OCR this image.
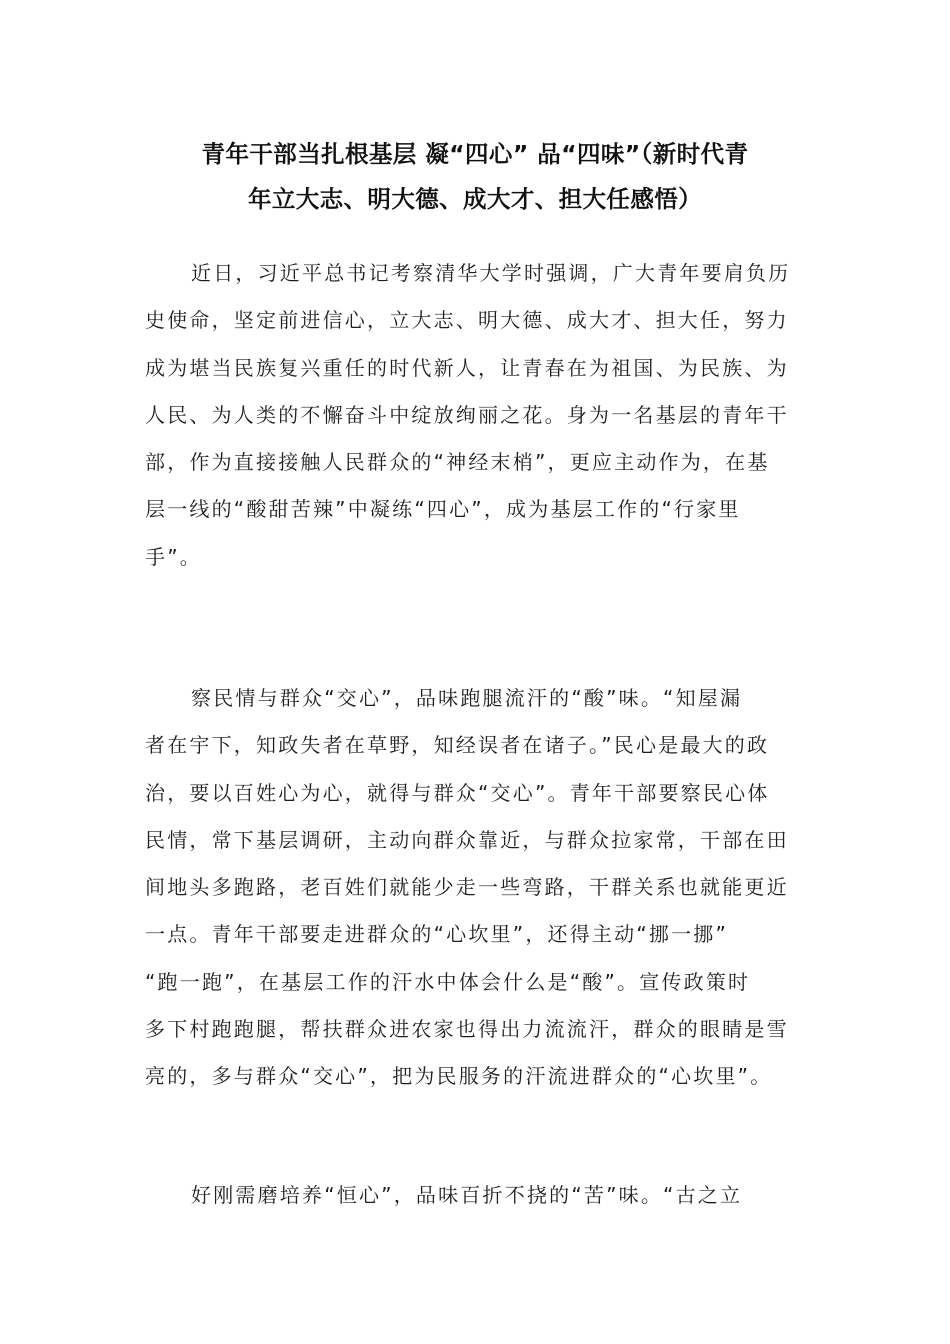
青年干部当扎根基层 凝“四心” 品“四味”（新时代青
年立大志、明大德、成大才、担大任感悟）
近日，习近平总书记考察清华大学时强调，广大青年要肩负历
史使命，坚定前进信心，立大志、明大德、成大才、担大任，努力
成为堪当民族复兴重任的时代新人，让青春在为祖国、为民族、为
人民、为人类的不懈奋斗中绽放绚丽之花。身为一名基层的青年干
部，作为直接接触人民群众的“神经末梢”，更应主动作为，在基
层一线的“酸甜苦辣”中凝练“四心”，成为基层工作的“行家里
手”。
察民情与群众“交心”，品味跑腿流汗的“酸”味。“知屋漏
者在宇下，知政失者在草野，知经误者在诸子。”民心是最大的政
治，要以百姓心为心，就得与群众“交心”。青年干部要察民心体
民情，常下基层调研，主动向群众靠近，与群众拉家常，干部在田
间地头多跑路，老百姓们就能少走一些弯路，干群关系也就能更近
一点。青年干部要走进群众的“心坎里”，还得主动“挪一挪”
“跑一跑”，在基层工作的汗水中体会什么是“酸”。宣传政策时
多下村跑跑腿，帮扶群众进农家也得出力流流汗，群众的眼睛是雪
亮的，多与群众“交心”，把为民服务的汗流进群众的“心坎里”。
好刚需磨培养“恒心”，品味百折不挠的“苦”味。“古之立
